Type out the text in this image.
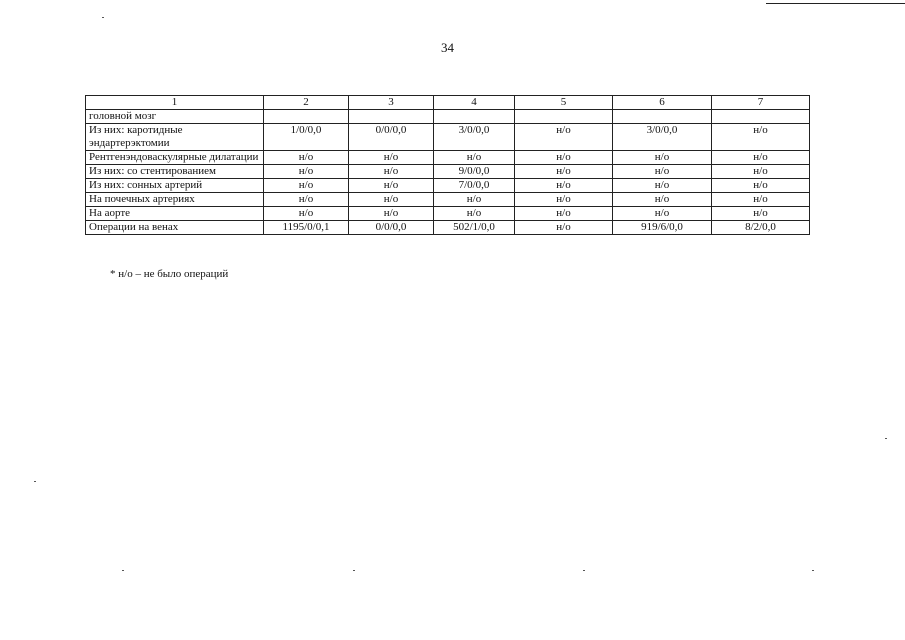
34
1	2	3	4	5	6	7
головной мозг						
Из них: каротидные эндартерэктомии	1/0/0,0	0/0/0,0	3/0/0,0	н/о	3/0/0,0	н/о
Рентгенэндоваскулярные дилатации	н/о	н/о	н/о	н/о	н/о	н/о
Из них: со стентированием	н/о	н/о	9/0/0,0	н/о	н/о	н/о
Из них: сонных артерий	н/о	н/о	7/0/0,0	н/о	н/о	н/о
На почечных артериях	н/о	н/о	н/о	н/о	н/о	н/о
На аорте	н/о	н/о	н/о	н/о	н/о	н/о
Операции на венах	1195/0/0,1	0/0/0,0	502/1/0,0	н/о	919/6/0,0	8/2/0,0
* н/о – не было операций
